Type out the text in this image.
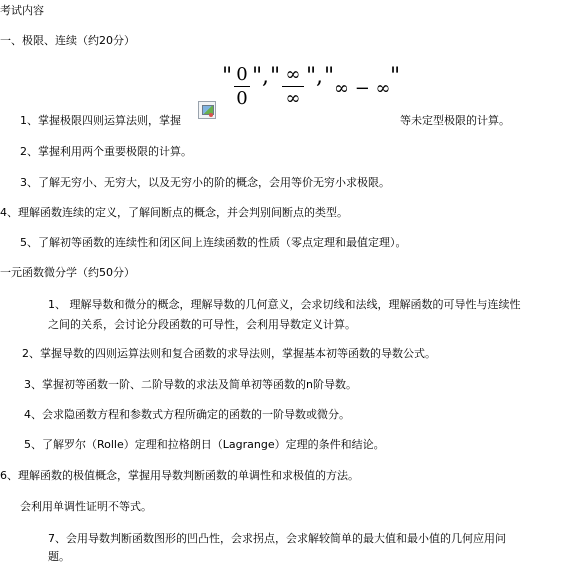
考试内容
一、极限、连续（约20分）
" 0
0
" , " ∞
∞
" , " ∞ − ∞ "
1、掌握极限四则运算法则，掌握	等未定型极限的计算。
2、掌握利用两个重要极限的计算。
3、了解无穷小、无穷大，以及无穷小的阶的概念，会用等价无穷小求极限。
4、理解函数连续的定义，了解间断点的概念，并会判别间断点的类型。
5、了解初等函数的连续性和闭区间上连续函数的性质（零点定理和最值定理）。
一元函数微分学（约50分）
1、 理解导数和微分的概念，理解导数的几何意义，会求切线和法线，理解函数的可导性与连续性
之间的关系，会讨论分段函数的可导性，会利用导数定义计算。
2、掌握导数的四则运算法则和复合函数的求导法则，掌握基本初等函数的导数公式。
3、掌握初等函数一阶、二阶导数的求法及简单初等函数的n阶导数。
4、会求隐函数方程和参数式方程所确定的函数的一阶导数或微分。
5、了解罗尔（Rolle）定理和拉格朗日（Lagrange）定理的条件和结论。
6、理解函数的极值概念，掌握用导数判断函数的单调性和求极值的方法。
会利用单调性证明不等式。
7、会用导数判断函数图形的凹凸性，会求拐点，会求解较简单的最大值和最小值的几何应用问
题。
